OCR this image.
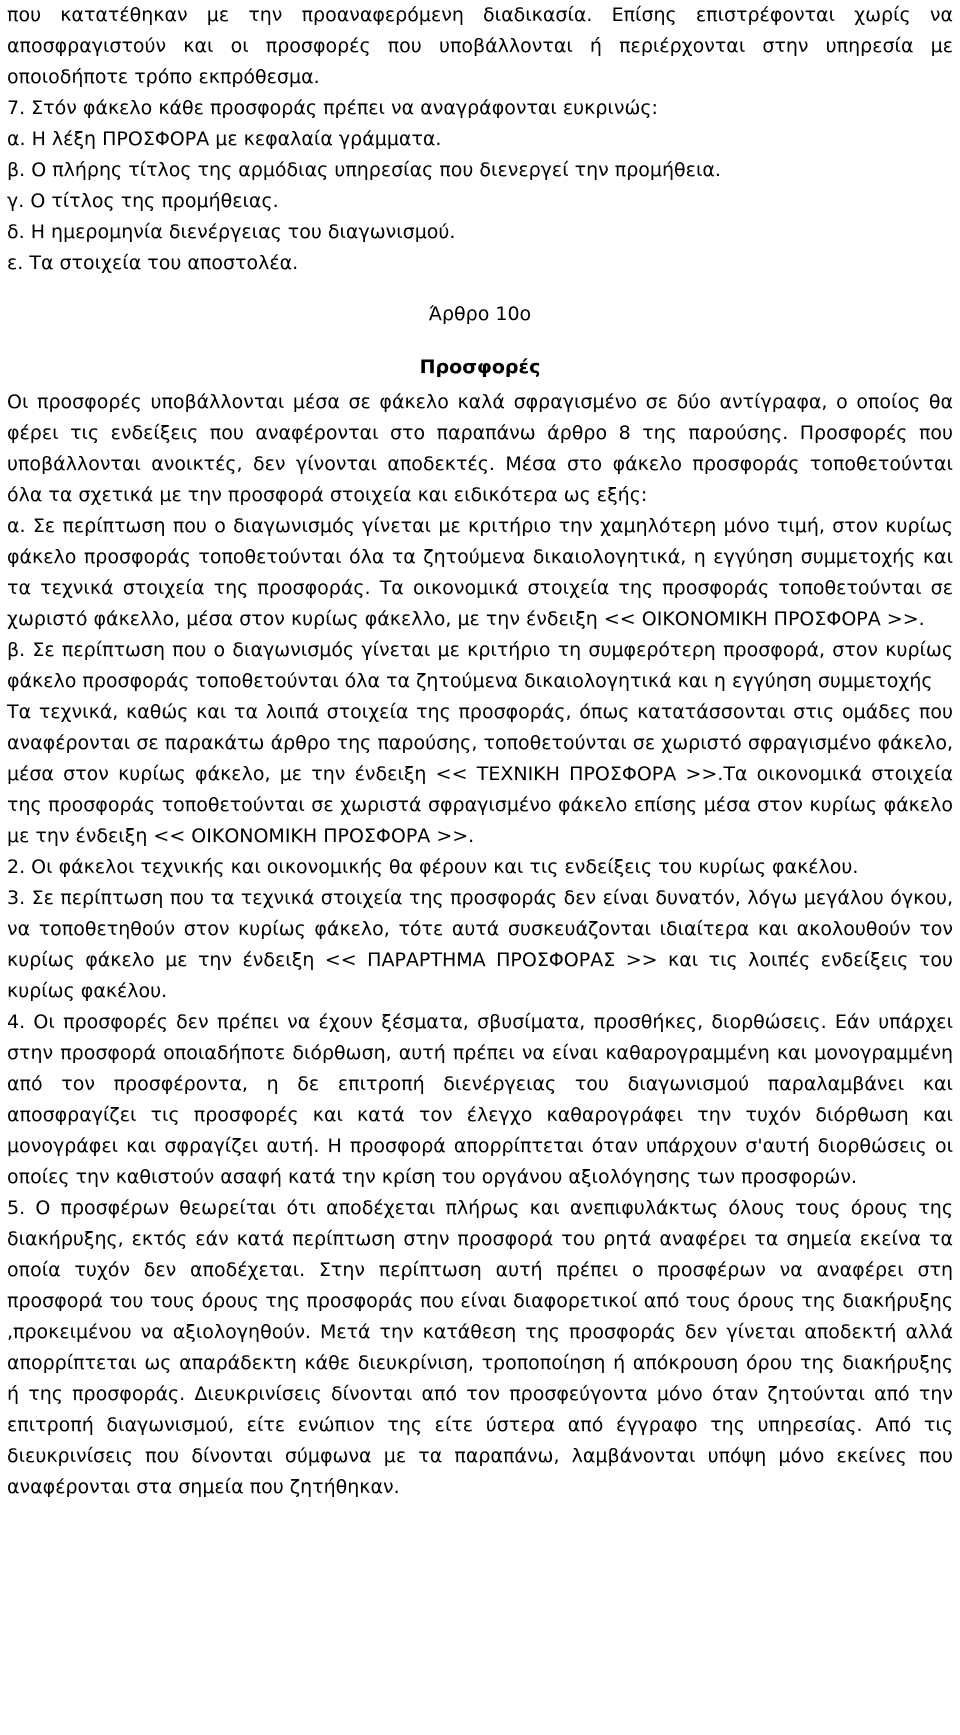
που κατατέθηκαν με την προαναφερόμενη διαδικασία. Επίσης επιστρέφονται χωρίς να αποσφραγιστούν και οι προσφορές που υποβάλλονται ή περιέρχονται στην υπηρεσία με οποιοδήποτε τρόπο εκπρόθεσμα.

7. Στόν φάκελο κάθε προσφοράς πρέπει να αναγράφονται ευκρινώς:

α. Η λέξη ΠΡΟΣΦΟΡΑ με κεφαλαία γράμματα.

β. Ο πλήρης τίτλος της αρμόδιας υπηρεσίας που διενεργεί την προμήθεια.

γ. Ο τίτλος της προμήθειας.

δ. Η ημερομηνία διενέργειας του διαγωνισμού.

ε. Τα στοιχεία του αποστολέα.

Άρθρο 10ο

Προσφορές

Οι προσφορές υποβάλλονται μέσα σε φάκελο καλά σφραγισμένο σε δύο αντίγραφα, ο οποίος θα φέρει τις ενδείξεις που αναφέρονται στο παραπάνω άρθρο 8 της παρούσης. Προσφορές που υποβάλλονται ανοικτές, δεν γίνονται αποδεκτές. Μέσα στο φάκελο προσφοράς τοποθετούνται όλα τα σχετικά με την προσφορά στοιχεία και ειδικότερα ως εξής:

α. Σε περίπτωση που ο διαγωνισμός γίνεται με κριτήριο την χαμηλότερη μόνο τιμή, στον κυρίως φάκελο προσφοράς τοποθετούνται όλα τα ζητούμενα δικαιολογητικά, η εγγύηση συμμετοχής και τα τεχνικά στοιχεία της προσφοράς. Τα οικονομικά στοιχεία της προσφοράς τοποθετούνται σε χωριστό φάκελλο, μέσα στον κυρίως φάκελλο, με την ένδειξη << ΟΙΚΟΝΟΜΙΚΗ ΠΡΟΣΦΟΡΑ >>.

β. Σε περίπτωση που ο διαγωνισμός γίνεται με κριτήριο τη συμφερότερη προσφορά, στον κυρίως φάκελο προσφοράς τοποθετούνται όλα τα ζητούμενα δικαιολογητικά και η εγγύηση συμμετοχής

Τα τεχνικά, καθώς και τα λοιπά στοιχεία της προσφοράς, όπως κατατάσσονται στις ομάδες που αναφέρονται σε παρακάτω άρθρο της παρούσης, τοποθετούνται σε χωριστό σφραγισμένο φάκελο, μέσα στον κυρίως φάκελο, με την ένδειξη << ΤΕΧΝΙΚΗ ΠΡΟΣΦΟΡΑ >>.Τα οικονομικά στοιχεία της προσφοράς τοποθετούνται σε χωριστά σφραγισμένο φάκελο επίσης μέσα στον κυρίως φάκελο με την ένδειξη << ΟΙΚΟΝΟΜΙΚΗ ΠΡΟΣΦΟΡΑ >>.

2. Οι φάκελοι τεχνικής και οικονομικής θα φέρουν και τις ενδείξεις του κυρίως φακέλου.

3. Σε περίπτωση που τα τεχνικά στοιχεία της προσφοράς δεν είναι δυνατόν, λόγω μεγάλου όγκου, να τοποθετηθούν στον κυρίως φάκελο, τότε αυτά συσκευάζονται ιδιαίτερα και ακολουθούν τον κυρίως φάκελο με την ένδειξη << ΠΑΡΑΡΤΗΜΑ ΠΡΟΣΦΟΡΑΣ >> και τις λοιπές ενδείξεις του κυρίως φακέλου.

4. Οι προσφορές δεν πρέπει να έχουν ξέσματα, σβυσίματα, προσθήκες, διορθώσεις. Εάν υπάρχει στην προσφορά οποιαδήποτε διόρθωση, αυτή πρέπει να είναι καθαρογραμμένη και μονογραμμένη από τον προσφέροντα, η δε επιτροπή διενέργειας του διαγωνισμού παραλαμβάνει και αποσφραγίζει τις προσφορές και κατά τον έλεγχο καθαρογράφει την τυχόν διόρθωση και μονογράφει και σφραγίζει αυτή. Η προσφορά απορρίπτεται όταν υπάρχουν σ'αυτή διορθώσεις οι οποίες την καθιστούν ασαφή κατά την κρίση του οργάνου αξιολόγησης των προσφορών.

5. Ο προσφέρων θεωρείται ότι αποδέχεται πλήρως και ανεπιφυλάκτως όλους τους όρους της διακήρυξης, εκτός εάν κατά περίπτωση στην προσφορά του ρητά αναφέρει τα σημεία εκείνα τα οποία τυχόν δεν αποδέχεται. Στην περίπτωση αυτή πρέπει ο προσφέρων να αναφέρει στη προσφορά του τους όρους της προσφοράς που είναι διαφορετικοί από τους όρους της διακήρυξης ,προκειμένου να αξιολογηθούν. Μετά την κατάθεση της προσφοράς δεν γίνεται αποδεκτή αλλά απορρίπτεται ως απαράδεκτη κάθε διευκρίνιση, τροποποίηση ή απόκρουση όρου της διακήρυξης ή της προσφοράς. Διευκρινίσεις δίνονται από τον προσφεύγοντα μόνο όταν ζητούνται από την επιτροπή διαγωνισμού, είτε ενώπιον της είτε ύστερα από έγγραφο της υπηρεσίας. Από τις διευκρινίσεις που δίνονται σύμφωνα με τα παραπάνω, λαμβάνονται υπόψη μόνο εκείνες που αναφέρονται στα σημεία που ζητήθηκαν.
